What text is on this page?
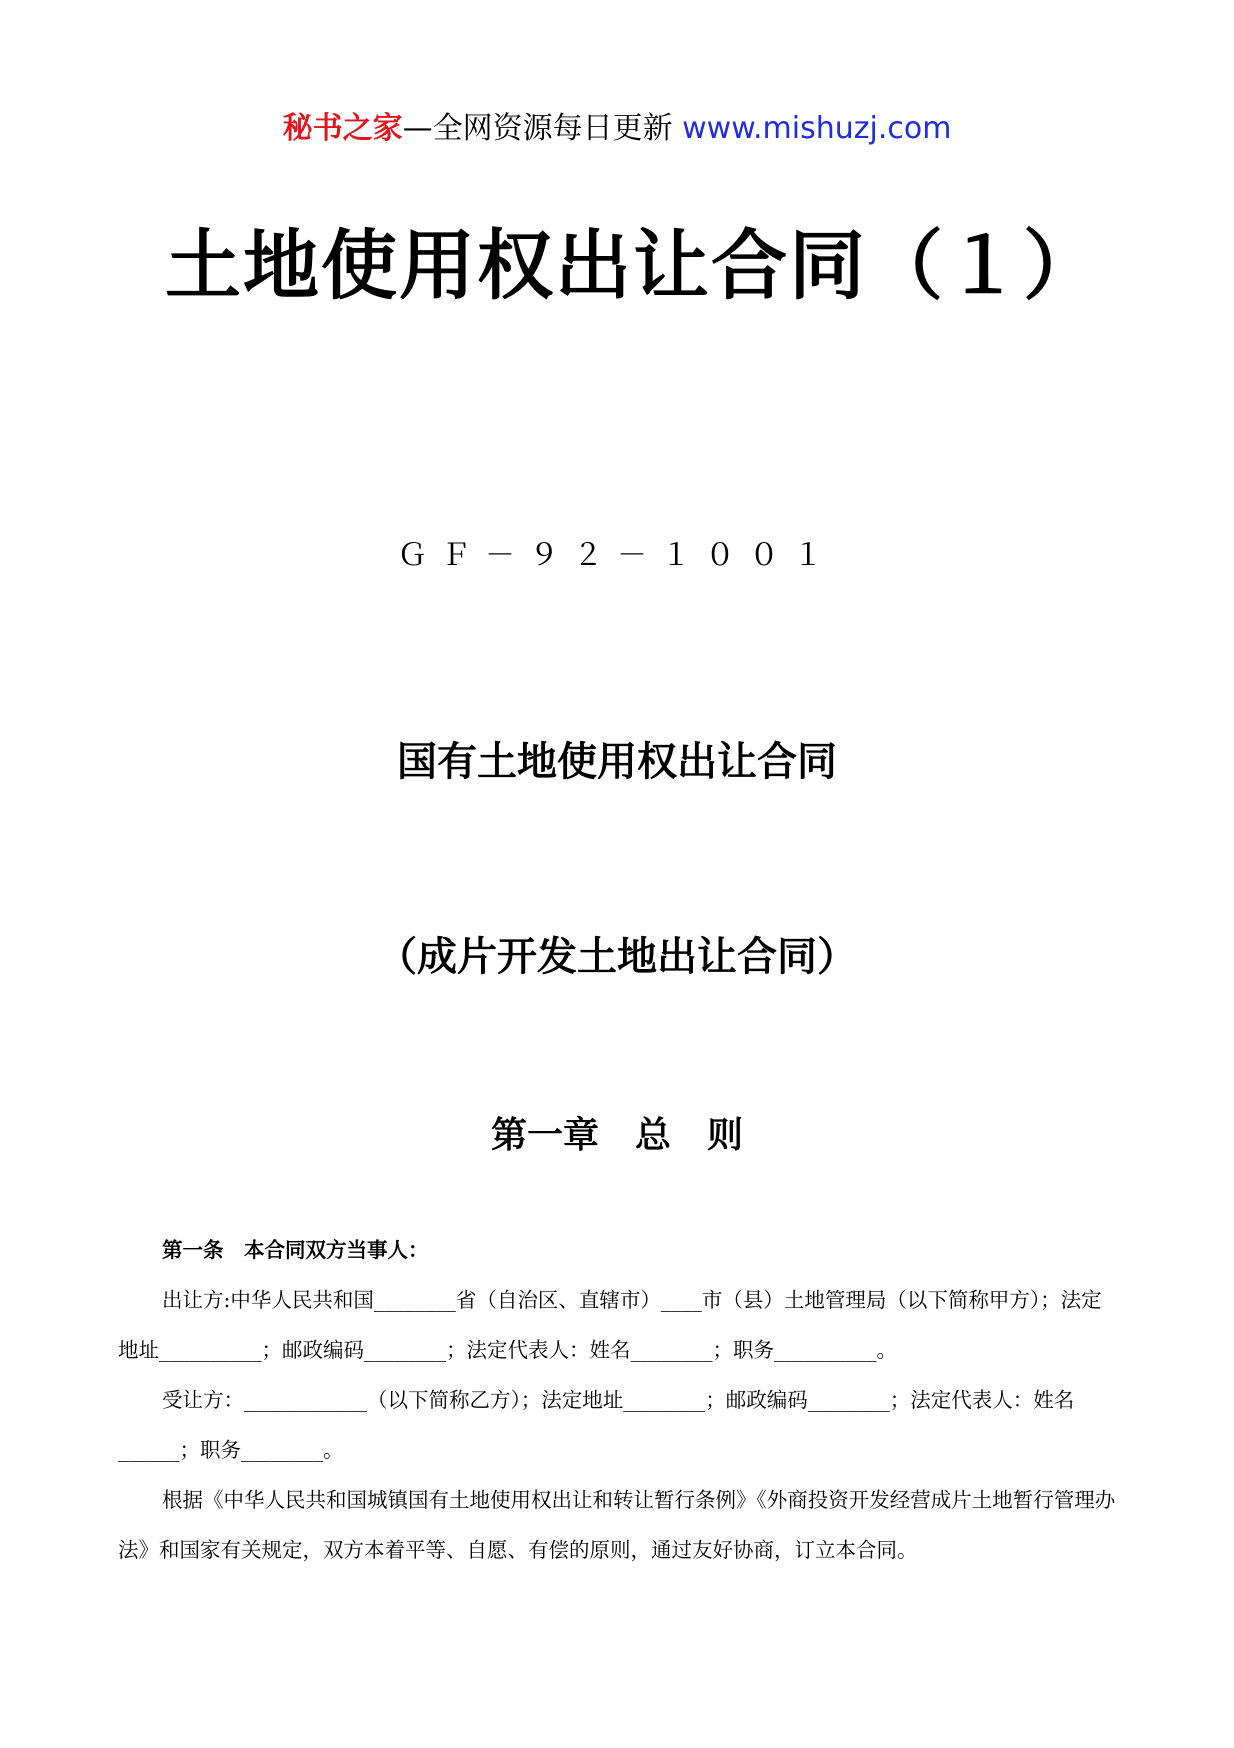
秘书之家—全网资源每日更新 www.mishuzj.com
土地使用权出让合同（１）
ＧＦ－９２－１００１
国有土地使用权出让合同
（成片开发土地出让合同）
第一章　总　则

第一条　本合同双方当事人：

出让方:中华人民共和国________省（自治区、直辖市）____市（县）土地管理局（以下简称甲方）；法定地址__________；邮政编码________；法定代表人：姓名________；职务__________。

受让方：____________（以下简称乙方）；法定地址________；邮政编码________；法定代表人：姓名______；职务________。

根据《中华人民共和国城镇国有土地使用权出让和转让暂行条例》《外商投资开发经营成片土地暂行管理办法》和国家有关规定，双方本着平等、自愿、有偿的原则，通过友好协商，订立本合同。
